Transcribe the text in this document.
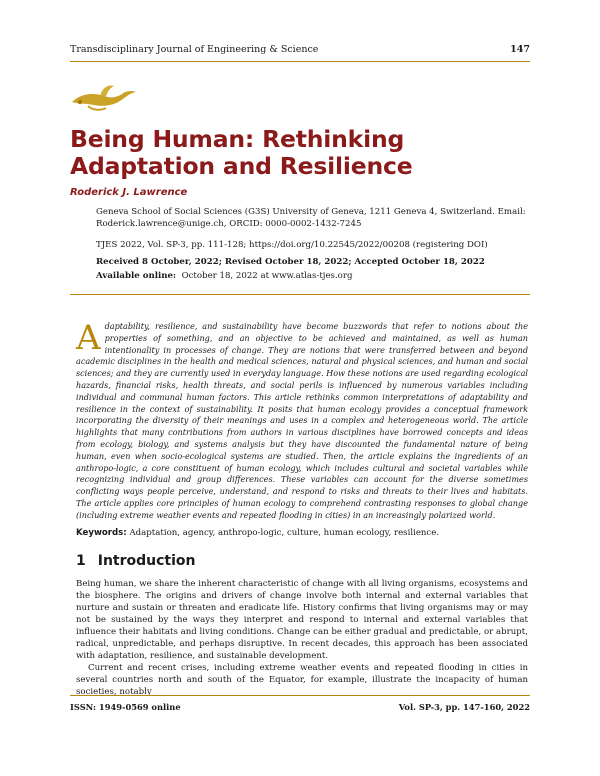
Transdisciplinary Journal of Engineering & Science	147
Being Human: Rethinking Adaptation and Resilience
Roderick J. Lawrence
Geneva School of Social Sciences (G3S) University of Geneva, 1211 Geneva 4, Switzerland. Email: Roderick.lawrence@unige.ch, ORCID: 0000-0002-1432-7245
TJES 2022, Vol. SP-3, pp. 111-128; https://doi.org/10.22545/2022/00208 (registering DOI)
Received 8 October, 2022; Revised October 18, 2022; Accepted October 18, 2022
Available online: October 18, 2022 at www.atlas-tjes.org
Adaptability, resilience, and sustainability have become buzzwords that refer to notions about the properties of something, and an objective to be achieved and maintained, as well as human intentionality in processes of change. They are notions that were transferred between and beyond academic disciplines in the health and medical sciences, natural and physical sciences, and human and social sciences; and they are currently used in everyday language. How these notions are used regarding ecological hazards, financial risks, health threats, and social perils is influenced by numerous variables including individual and communal human factors. This article rethinks common interpretations of adaptability and resilience in the context of sustainability. It posits that human ecology provides a conceptual framework incorporating the diversity of their meanings and uses in a complex and heterogeneous world. The article highlights that many contributions from authors in various disciplines have borrowed concepts and ideas from ecology, biology, and systems analysis but they have discounted the fundamental nature of being human, even when socio-ecological systems are studied. Then, the article explains the ingredients of an anthropo-logic, a core constituent of human ecology, which includes cultural and societal variables while recognizing individual and group differences. These variables can account for the diverse sometimes conflicting ways people perceive, understand, and respond to risks and threats to their lives and habitats. The article applies core principles of human ecology to comprehend contrasting responses to global change (including extreme weather events and repeated flooding in cities) in an increasingly polarized world.
Keywords: Adaptation, agency, anthropo-logic, culture, human ecology, resilience.
1 Introduction

Being human, we share the inherent characteristic of change with all living organisms, ecosystems and the biosphere. The origins and drivers of change involve both internal and external variables that nurture and sustain or threaten and eradicate life. History confirms that living organisms may or may not be sustained by the ways they interpret and respond to internal and external variables that influence their habitats and living conditions. Change can be either gradual and predictable, or abrupt, radical, unpredictable, and perhaps disruptive. In recent decades, this approach has been associated with adaptation, resilience, and sustainable development.

Current and recent crises, including extreme weather events and repeated flooding in cities in several countries north and south of the Equator, for example, illustrate the incapacity of human societies, notably

ISSN: 1949-0569 online	Vol. SP-3, pp. 147-160, 2022
